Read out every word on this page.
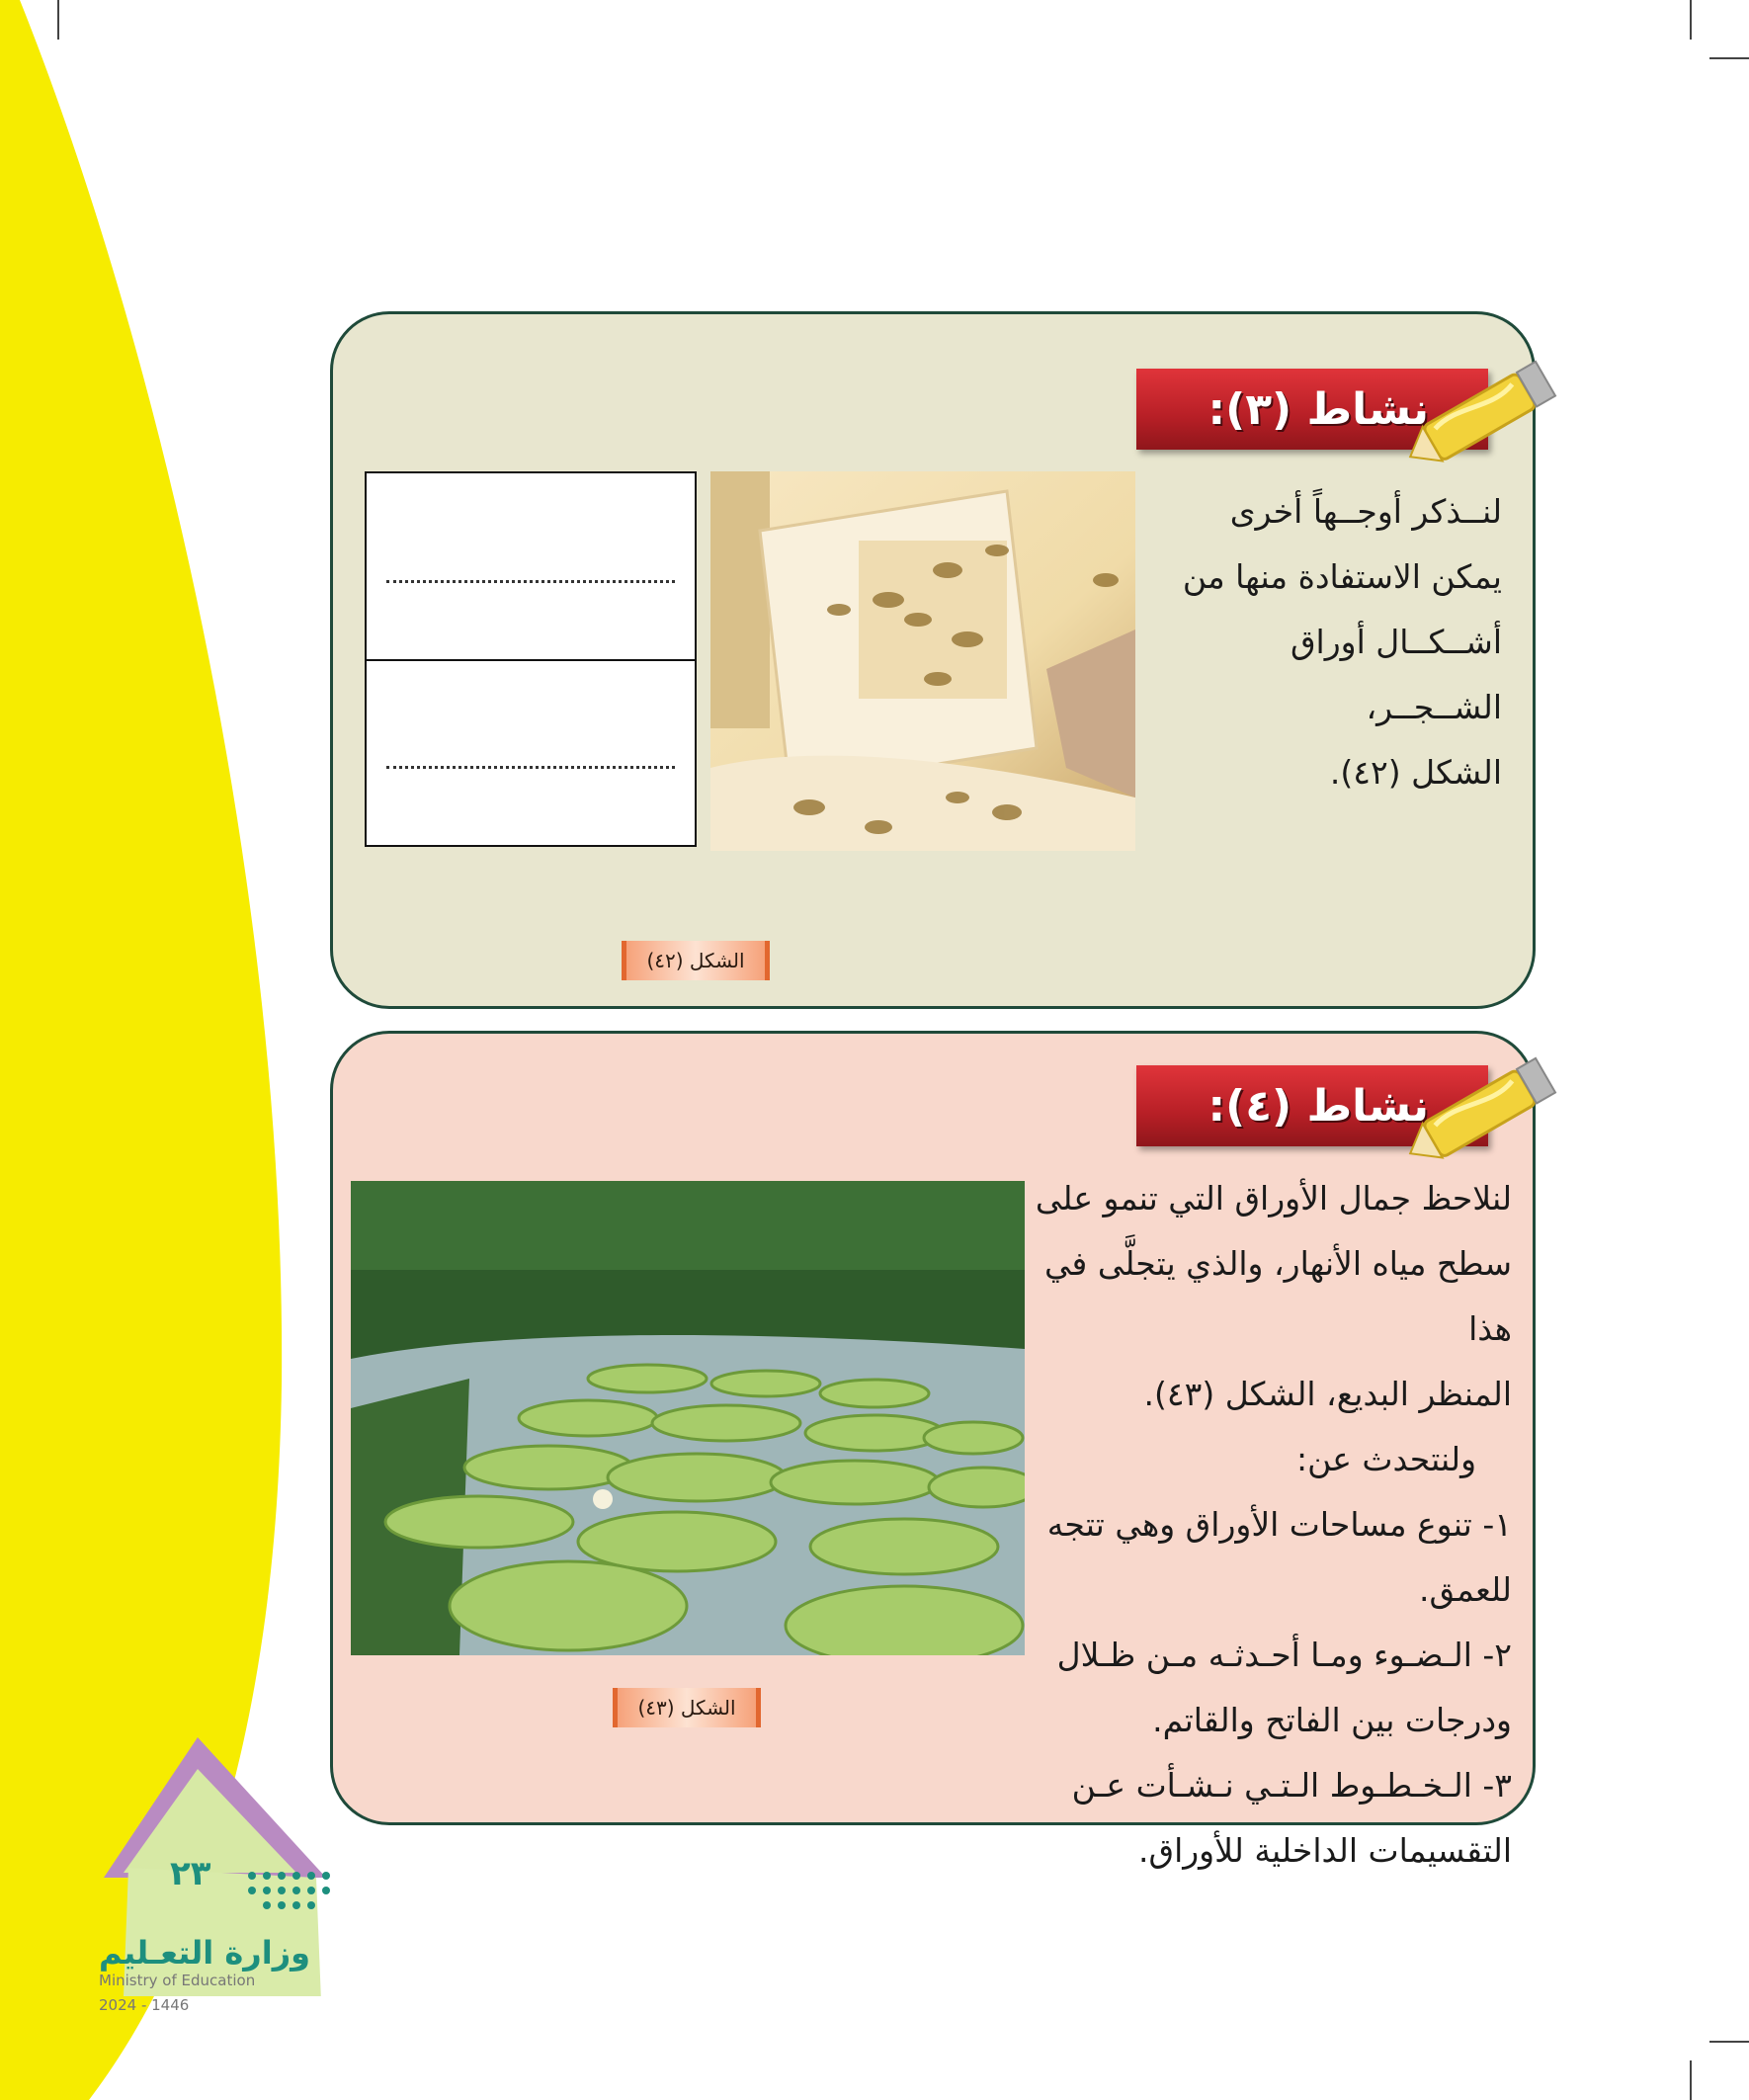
نشاط (٣):

لنــذكر أوجــهاً أخرى

يمكن الاستفادة منها من

أشــكــال أوراق الشــجــر،

الشكل (٤٢).

الشكل (٤٢)
نشاط (٤):

لنلاحظ جمال الأوراق التي تنمو على

سطح مياه الأنهار، والذي يتجلَّى في هذا

المنظر البديع، الشكل (٤٣).

ولنتحدث عن:

١- تنوع مساحات الأوراق وهي تتجه

للعمق.

٢- الـضـوء ومـا أحـدثـه مـن ظـلال

ودرجات بين الفاتح والقاتم.

٣- الـخـطـوط الـتـي نـشـأت عـن

التقسيمات الداخلية للأوراق.

الشكل (٤٣)
٢٣
وزارة التعـليم
Ministry of Education
2024 - 1446
